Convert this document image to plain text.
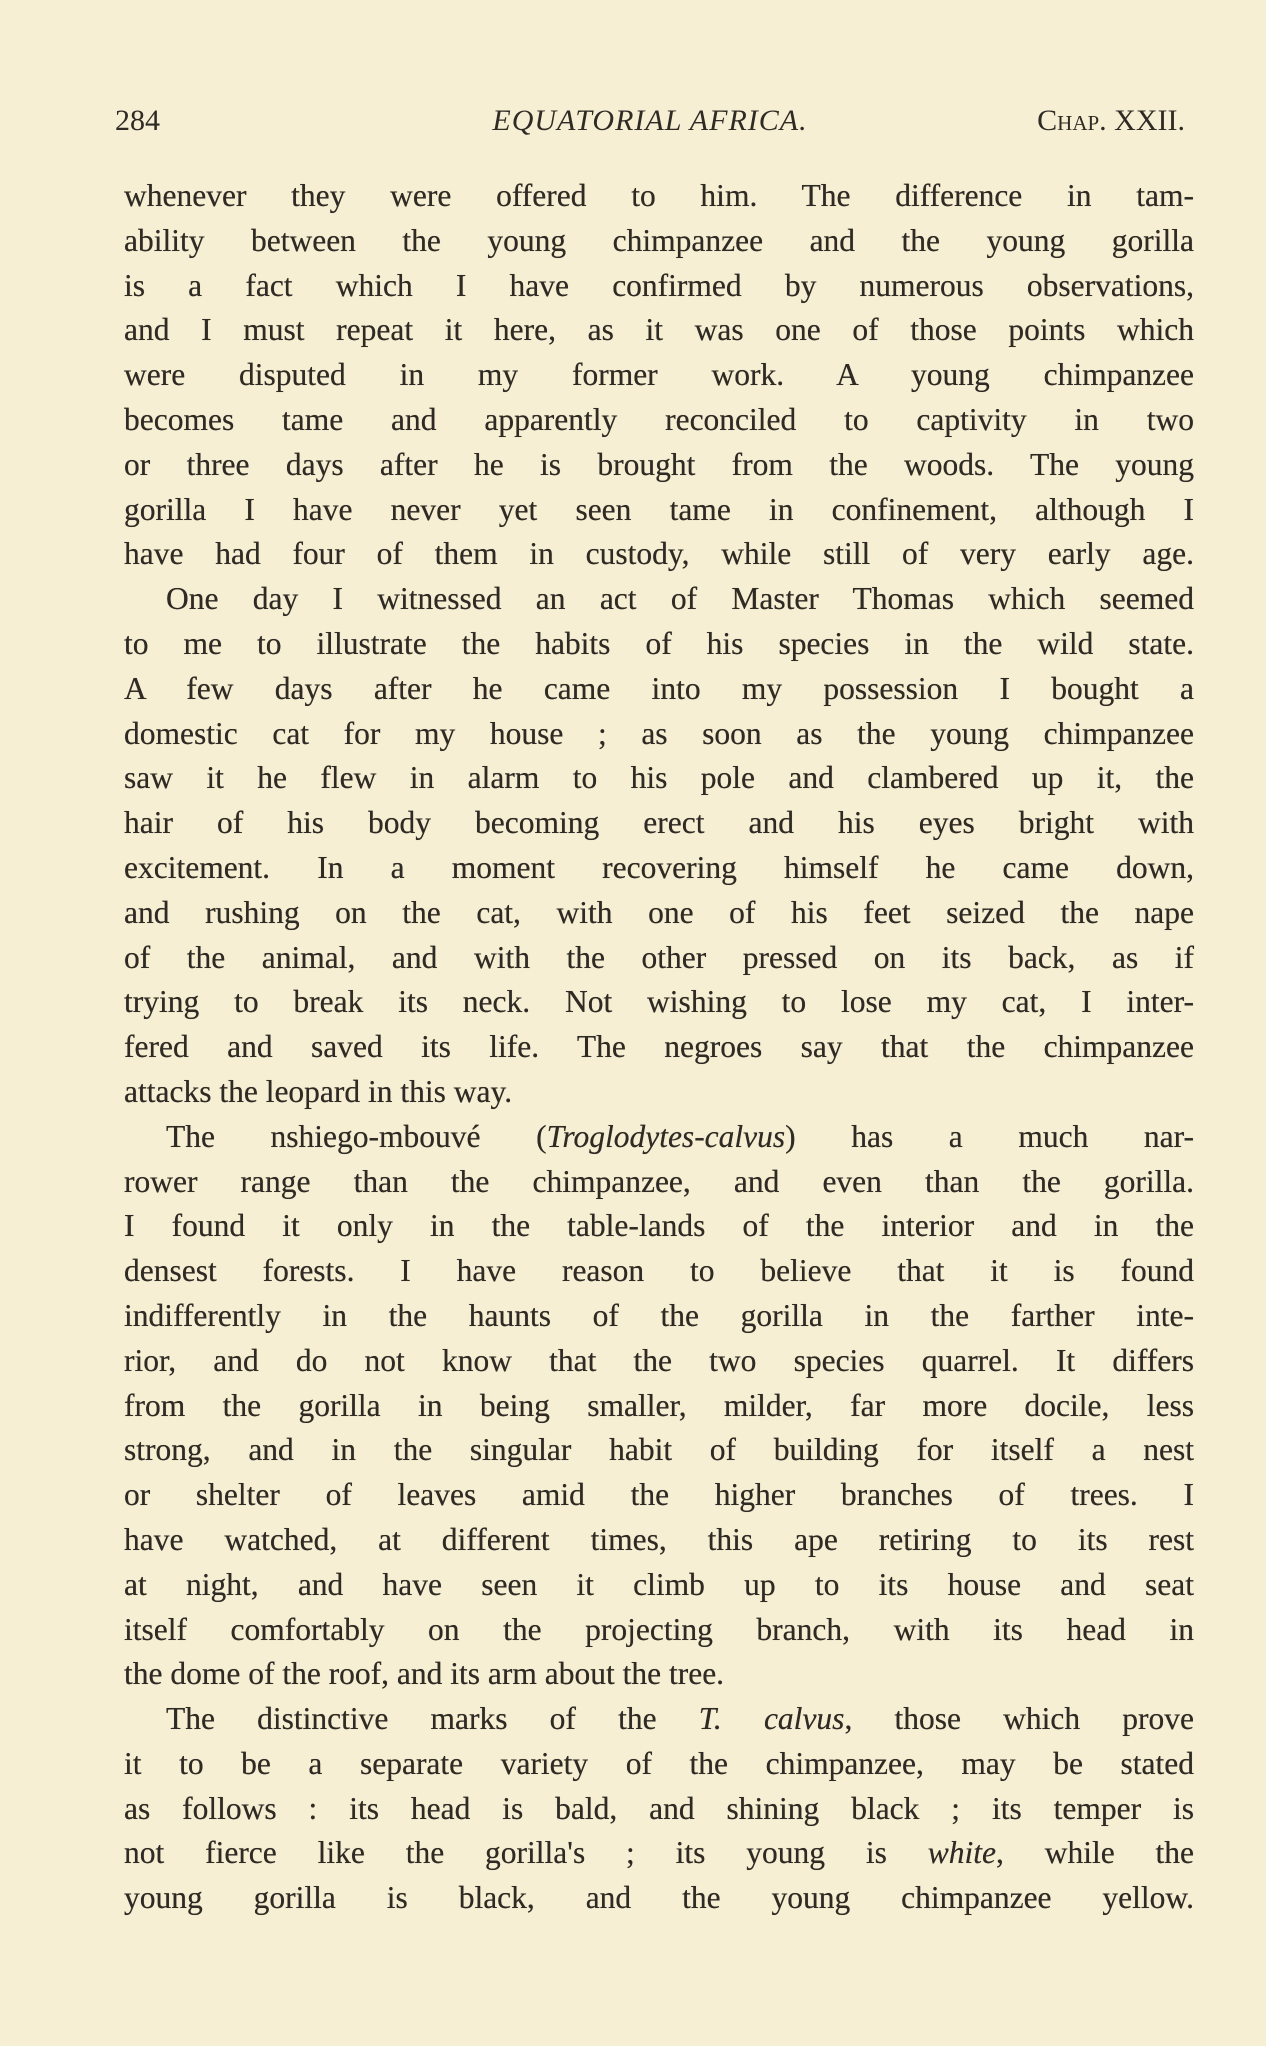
284	EQUATORIAL AFRICA.	Chap. XXII.
whenever they were offered to him. The difference in tam-
ability between the young chimpanzee and the young gorilla
is a fact which I have confirmed by numerous observations,
and I must repeat it here, as it was one of those points which
were disputed in my former work. A young chimpanzee
becomes tame and apparently reconciled to captivity in two
or three days after he is brought from the woods. The young
gorilla I have never yet seen tame in confinement, although I
have had four of them in custody, while still of very early age.
One day I witnessed an act of Master Thomas which seemed
to me to illustrate the habits of his species in the wild state.
A few days after he came into my possession I bought a
domestic cat for my house ; as soon as the young chimpanzee
saw it he flew in alarm to his pole and clambered up it, the
hair of his body becoming erect and his eyes bright with
excitement. In a moment recovering himself he came down,
and rushing on the cat, with one of his feet seized the nape
of the animal, and with the other pressed on its back, as if
trying to break its neck. Not wishing to lose my cat, I inter-
fered and saved its life. The negroes say that the chimpanzee
attacks the leopard in this way.
The nshiego-mbouvé (Troglodytes-calvus) has a much nar-
rower range than the chimpanzee, and even than the gorilla.
I found it only in the table-lands of the interior and in the
densest forests. I have reason to believe that it is found
indifferently in the haunts of the gorilla in the farther inte-
rior, and do not know that the two species quarrel. It differs
from the gorilla in being smaller, milder, far more docile, less
strong, and in the singular habit of building for itself a nest
or shelter of leaves amid the higher branches of trees. I
have watched, at different times, this ape retiring to its rest
at night, and have seen it climb up to its house and seat
itself comfortably on the projecting branch, with its head in
the dome of the roof, and its arm about the tree.
The distinctive marks of the T. calvus, those which prove
it to be a separate variety of the chimpanzee, may be stated
as follows : its head is bald, and shining black ; its temper is
not fierce like the gorilla's ; its young is white, while the
young gorilla is black, and the young chimpanzee yellow.
